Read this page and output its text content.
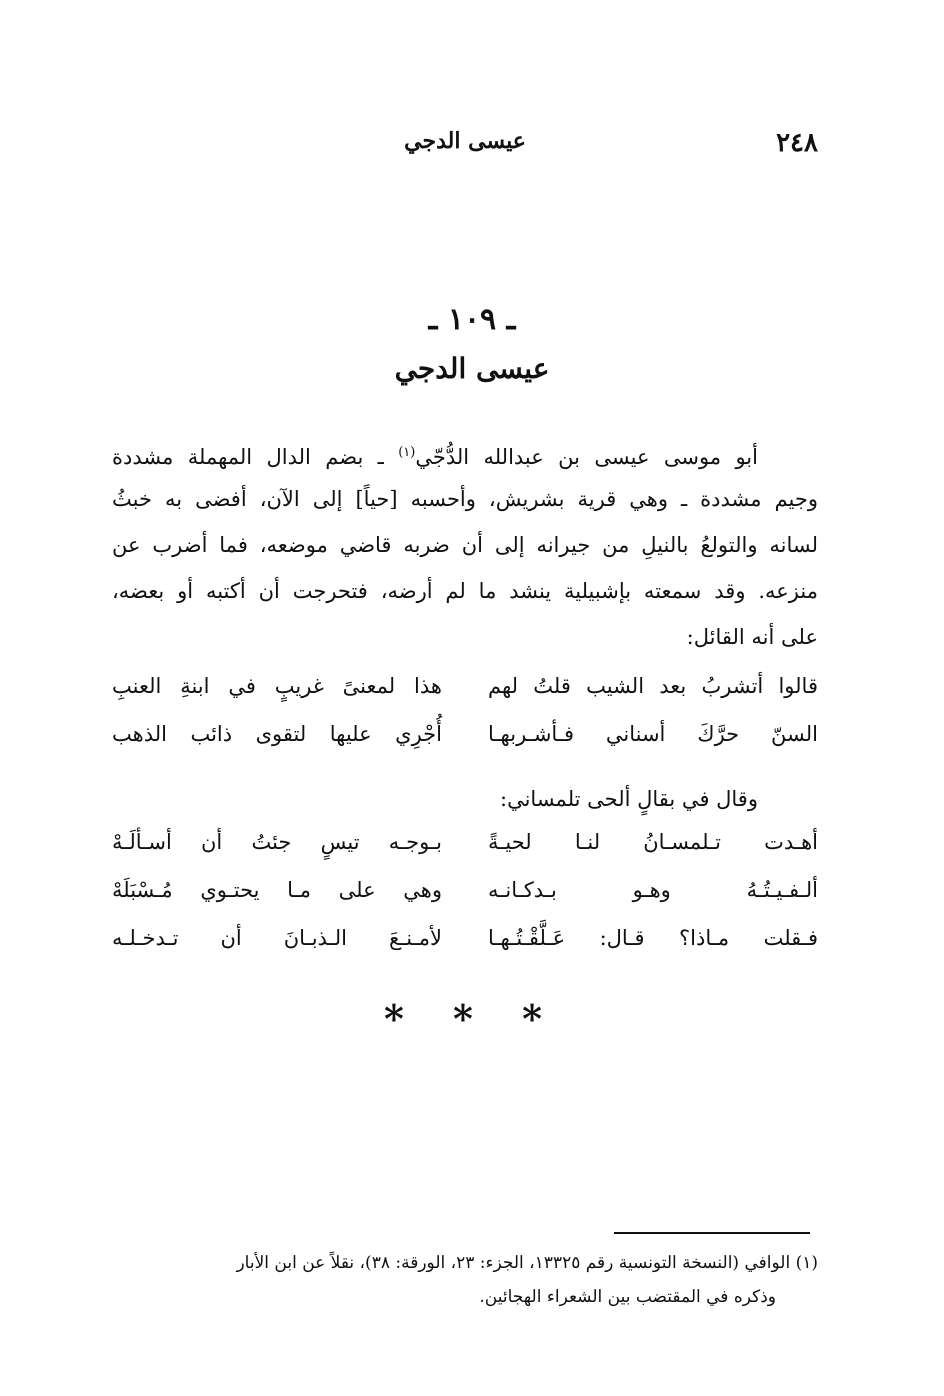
٢٤٨
عيسى الدجي
ـ ١٠٩ ـ
عيسى الدجي
أبو موسى عيسى بن عبدالله الدُّجّي$^{(١)}$ ـ بضم الدال المهملة مشددة
وجيم مشددة ـ وهي قرية بشريش، وأحسبه [حياً] إلى الآن، أفضى به خبثُ
لسانه والتولعُ بالنيلِ من جيرانه إلى أن ضربه قاضي موضعه، فما أضرب عن
منزعه. وقد سمعته بإشبيلية ينشد ما لم أرضه، فتحرجت أن أكتبه أو بعضه،
على أنه القائل:
قالوا أتشربُ بعد الشيب قلتُ لهم
هذا لمعنىً غريبٍ في ابنةِ العنبِ
السنّ حرَّكَ أسناني فـأشـربهـا
أُجْرِي عليها لتقوى ذائب الذهب
وقال في بقالٍ ألحى تلمساني:
أهـدت تـلمسـانُ لنـا لحيـةً
بـوجـه تيسٍ جئتُ أن أسـألَـهْ
ألـفـيـتُـهُ وهـو بـدكـانـه
وهي على مـا يحتـوي مُـسْبَلَهْ
فـقلت مـاذا؟ قـال: عَـلَّقْـتُـهـا
لأمـنـعَ الـذبـانَ أن تـدخـلـه
* * *
(١) الوافي (النسخة التونسية رقم ١٣٣٢٥، الجزء: ٢٣، الورقة: ٣٨)، نقلاً عن ابن الأبار
وذكره في المقتضب بين الشعراء الهجائين.
